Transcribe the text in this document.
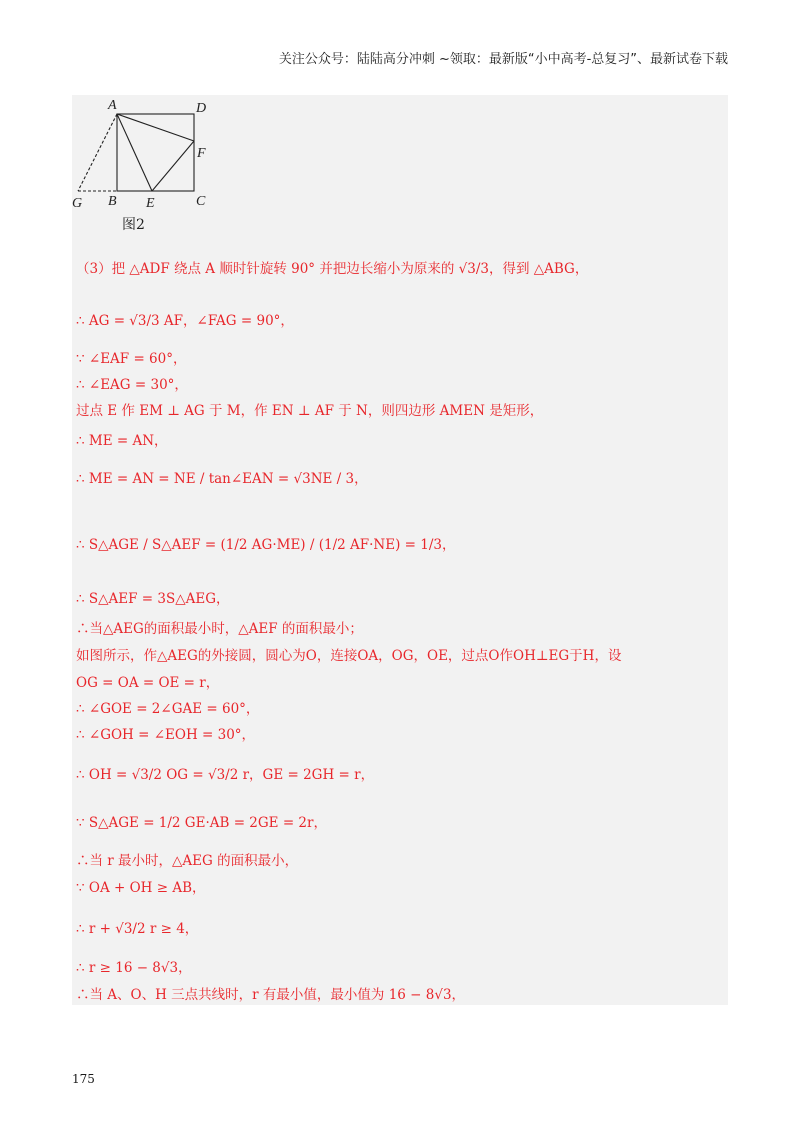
关注公众号：陆陆高分冲刺 ~领取：最新版“小中高考-总复习”、最新试卷下载
A	D
F
G B E	C
图2
（3）把 △ADF 绕点 A 顺时针旋转 90° 并把边长缩小为原来的 √3/3，得到 △ABG，
∴ AG = √3/3 AF，∠FAG = 90°，
∵ ∠EAF = 60°，
∴ ∠EAG = 30°，
过点 E 作 EM ⊥ AG 于 M，作 EN ⊥ AF 于 N，则四边形 AMEN 是矩形，
∴ ME = AN，
∴ ME = AN = NE / tan∠EAN = √3NE / 3，
∴ S△AGE / S△AEF = (1/2 AG·ME) / (1/2 AF·NE) = 1/3，
∴ S△AEF = 3S△AEG，
∴当△AEG的面积最小时，△AEF 的面积最小；
如图所示，作△AEG的外接圆，圆心为O，连接OA，OG，OE，过点O作OH⊥EG于H，设
OG = OA = OE = r，
∴ ∠GOE = 2∠GAE = 60°，
∴ ∠GOH = ∠EOH = 30°，
∴ OH = √3/2 OG = √3/2 r，GE = 2GH = r，
∵ S△AGE = 1/2 GE·AB = 2GE = 2r，
∴当 r 最小时，△AEG 的面积最小，
∵ OA + OH ≥ AB，
∴ r + √3/2 r ≥ 4，
∴ r ≥ 16 − 8√3，
∴当 A、O、H 三点共线时，r 有最小值，最小值为 16 − 8√3，
175
